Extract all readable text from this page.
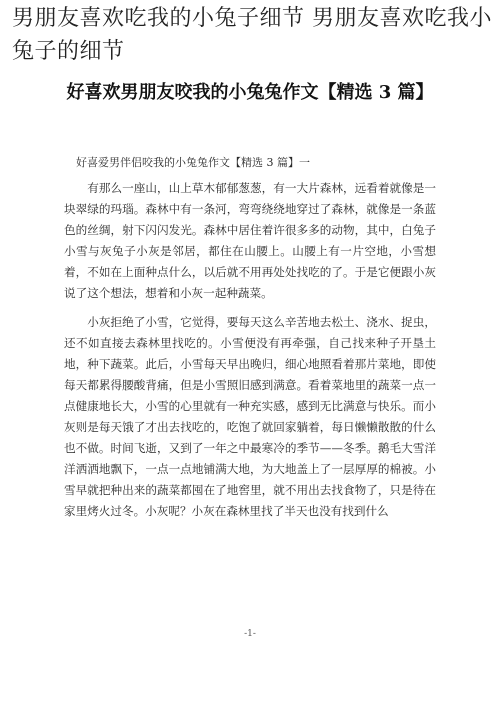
男朋友喜欢吃我的小兔子细节 男朋友喜欢吃我小兔子的细节
好喜欢男朋友咬我的小兔兔作文【精选 3 篇】
好喜爱男伴侣咬我的小兔兔作文【精选 3 篇】一

有那么一座山，山上草木郁郁葱葱，有一大片森林，远看着就像是一块翠绿的玛瑙。森林中有一条河，弯弯绕绕地穿过了森林，就像是一条蓝色的丝绸，射下闪闪发光。森林中居住着许很多多的动物，其中，白兔子小雪与灰兔子小灰是邻居，都住在山腰上。山腰上有一片空地，小雪想着，不如在上面种点什么，以后就不用再处处找吃的了。于是它便跟小灰说了这个想法，想着和小灰一起种蔬菜。

小灰拒绝了小雪，它觉得，要每天这么辛苦地去松土、浇水、捉虫，还不如直接去森林里找吃的。小雪便没有再牵强，自己找来种子开垦土地，种下蔬菜。此后，小雪每天早出晚归，细心地照看着那片菜地，即使每天都累得腰酸背痛，但是小雪照旧感到满意。看着菜地里的蔬菜一点一点健康地长大，小雪的心里就有一种充实感，感到无比满意与快乐。而小灰则是每天饿了才出去找吃的，吃饱了就回家躺着，每日懒懒散散的什么也不做。时间飞逝，又到了一年之中最寒冷的季节——冬季。鹅毛大雪洋洋洒洒地飘下，一点一点地铺满大地，为大地盖上了一层厚厚的棉被。小雪早就把种出来的蔬菜都囤在了地窖里，就不用出去找食物了，只是待在家里烤火过冬。小灰呢？小灰在森林里找了半天也没有找到什么

-1-
